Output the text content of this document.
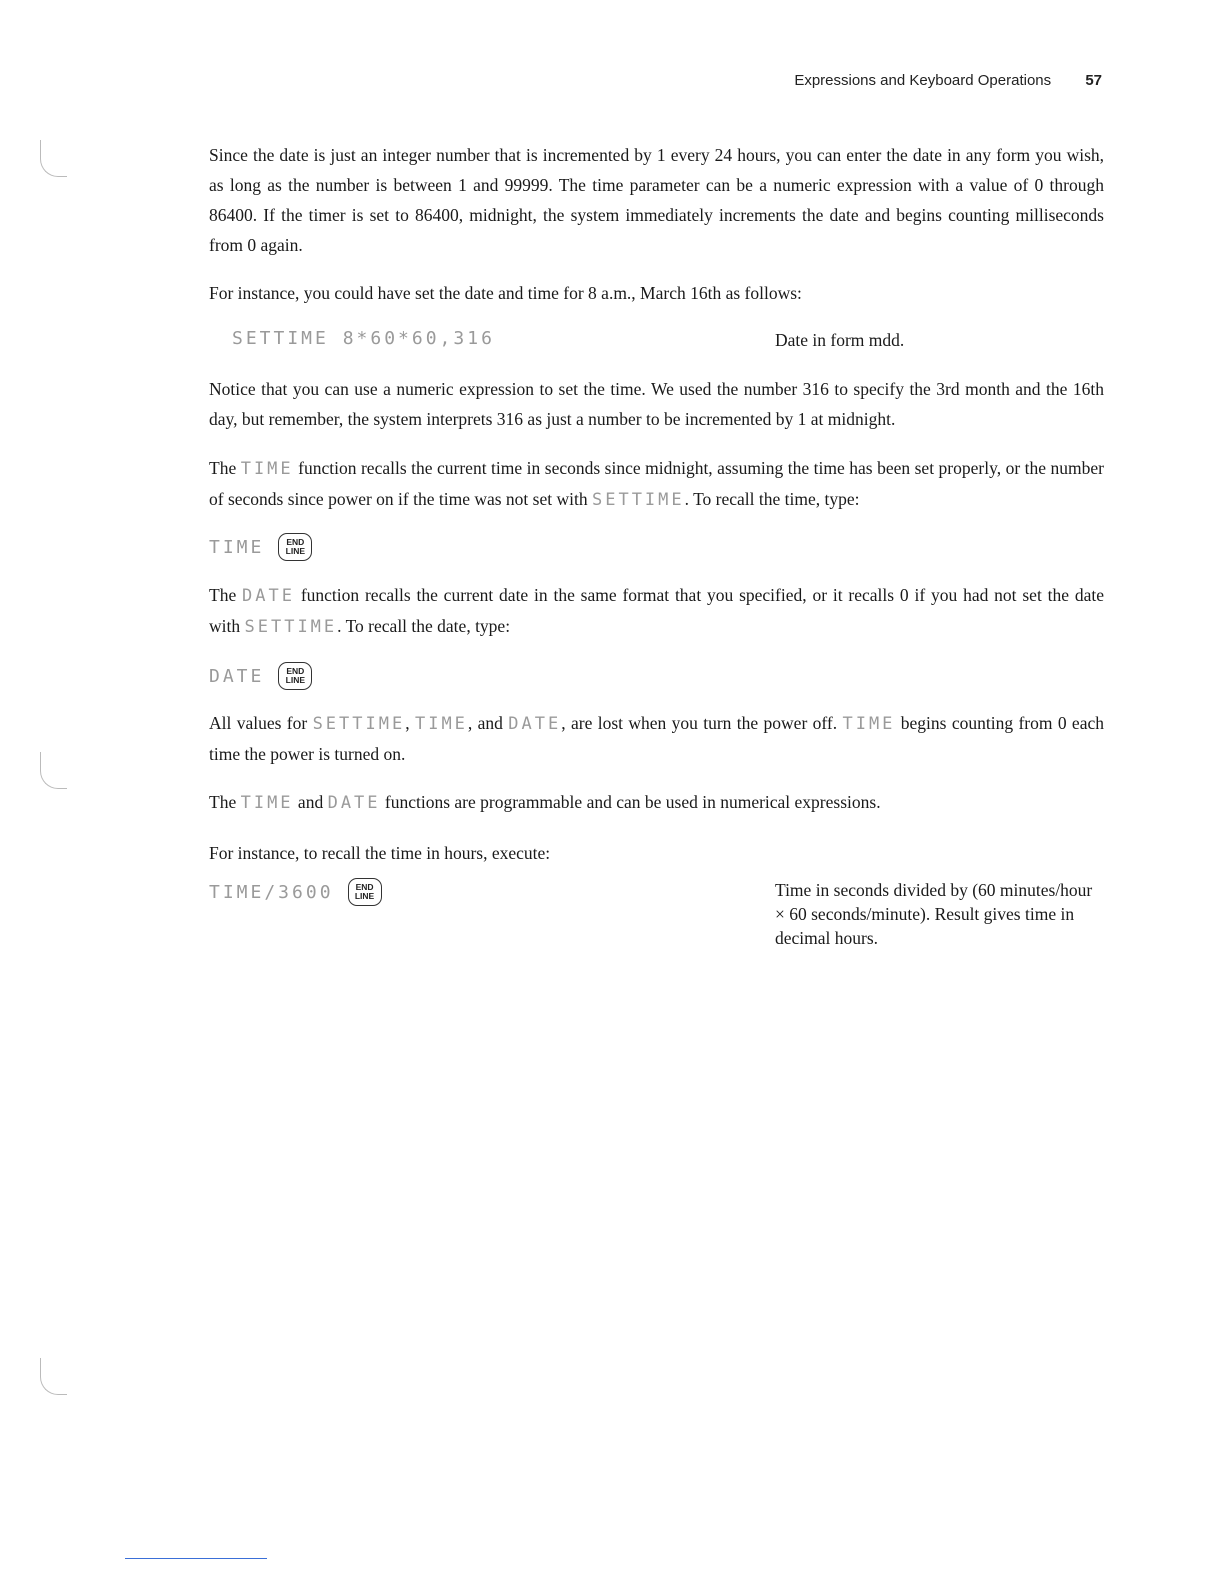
Expressions and Keyboard Operations 57

Since the date is just an integer number that is incremented by 1 every 24 hours, you can enter the date in any form you wish, as long as the number is between 1 and 99999. The time parameter can be a numeric expression with a value of 0 through 86400. If the timer is set to 86400, midnight, the system immediately increments the date and begins counting milliseconds from 0 again.

For instance, you could have set the date and time for 8 a.m., March 16th as follows:

SETTIME 8*60*60,316	Date in form mdd.

Notice that you can use a numeric expression to set the time. We used the number 316 to specify the 3rd month and the 16th day, but remember, the system interprets 316 as just a number to be incremented by 1 at midnight.

The TIME function recalls the current time in seconds since midnight, assuming the time has been set properly, or the number of seconds since power on if the time was not set with SETTIME. To recall the time, type:

TIME	END
LINE

The DATE function recalls the current date in the same format that you specified, or it recalls 0 if you had not set the date with SETTIME. To recall the date, type:

DATE	END
LINE

All values for SETTIME, TIME, and DATE, are lost when you turn the power off. TIME begins counting from 0 each time the power is turned on.

The TIME and DATE functions are programmable and can be used in numerical expressions.

For instance, to recall the time in hours, execute:

TIME/3600	END
LINE	Time in seconds divided by (60 minutes/hour × 60 seconds/minute). Result gives time in decimal hours.
